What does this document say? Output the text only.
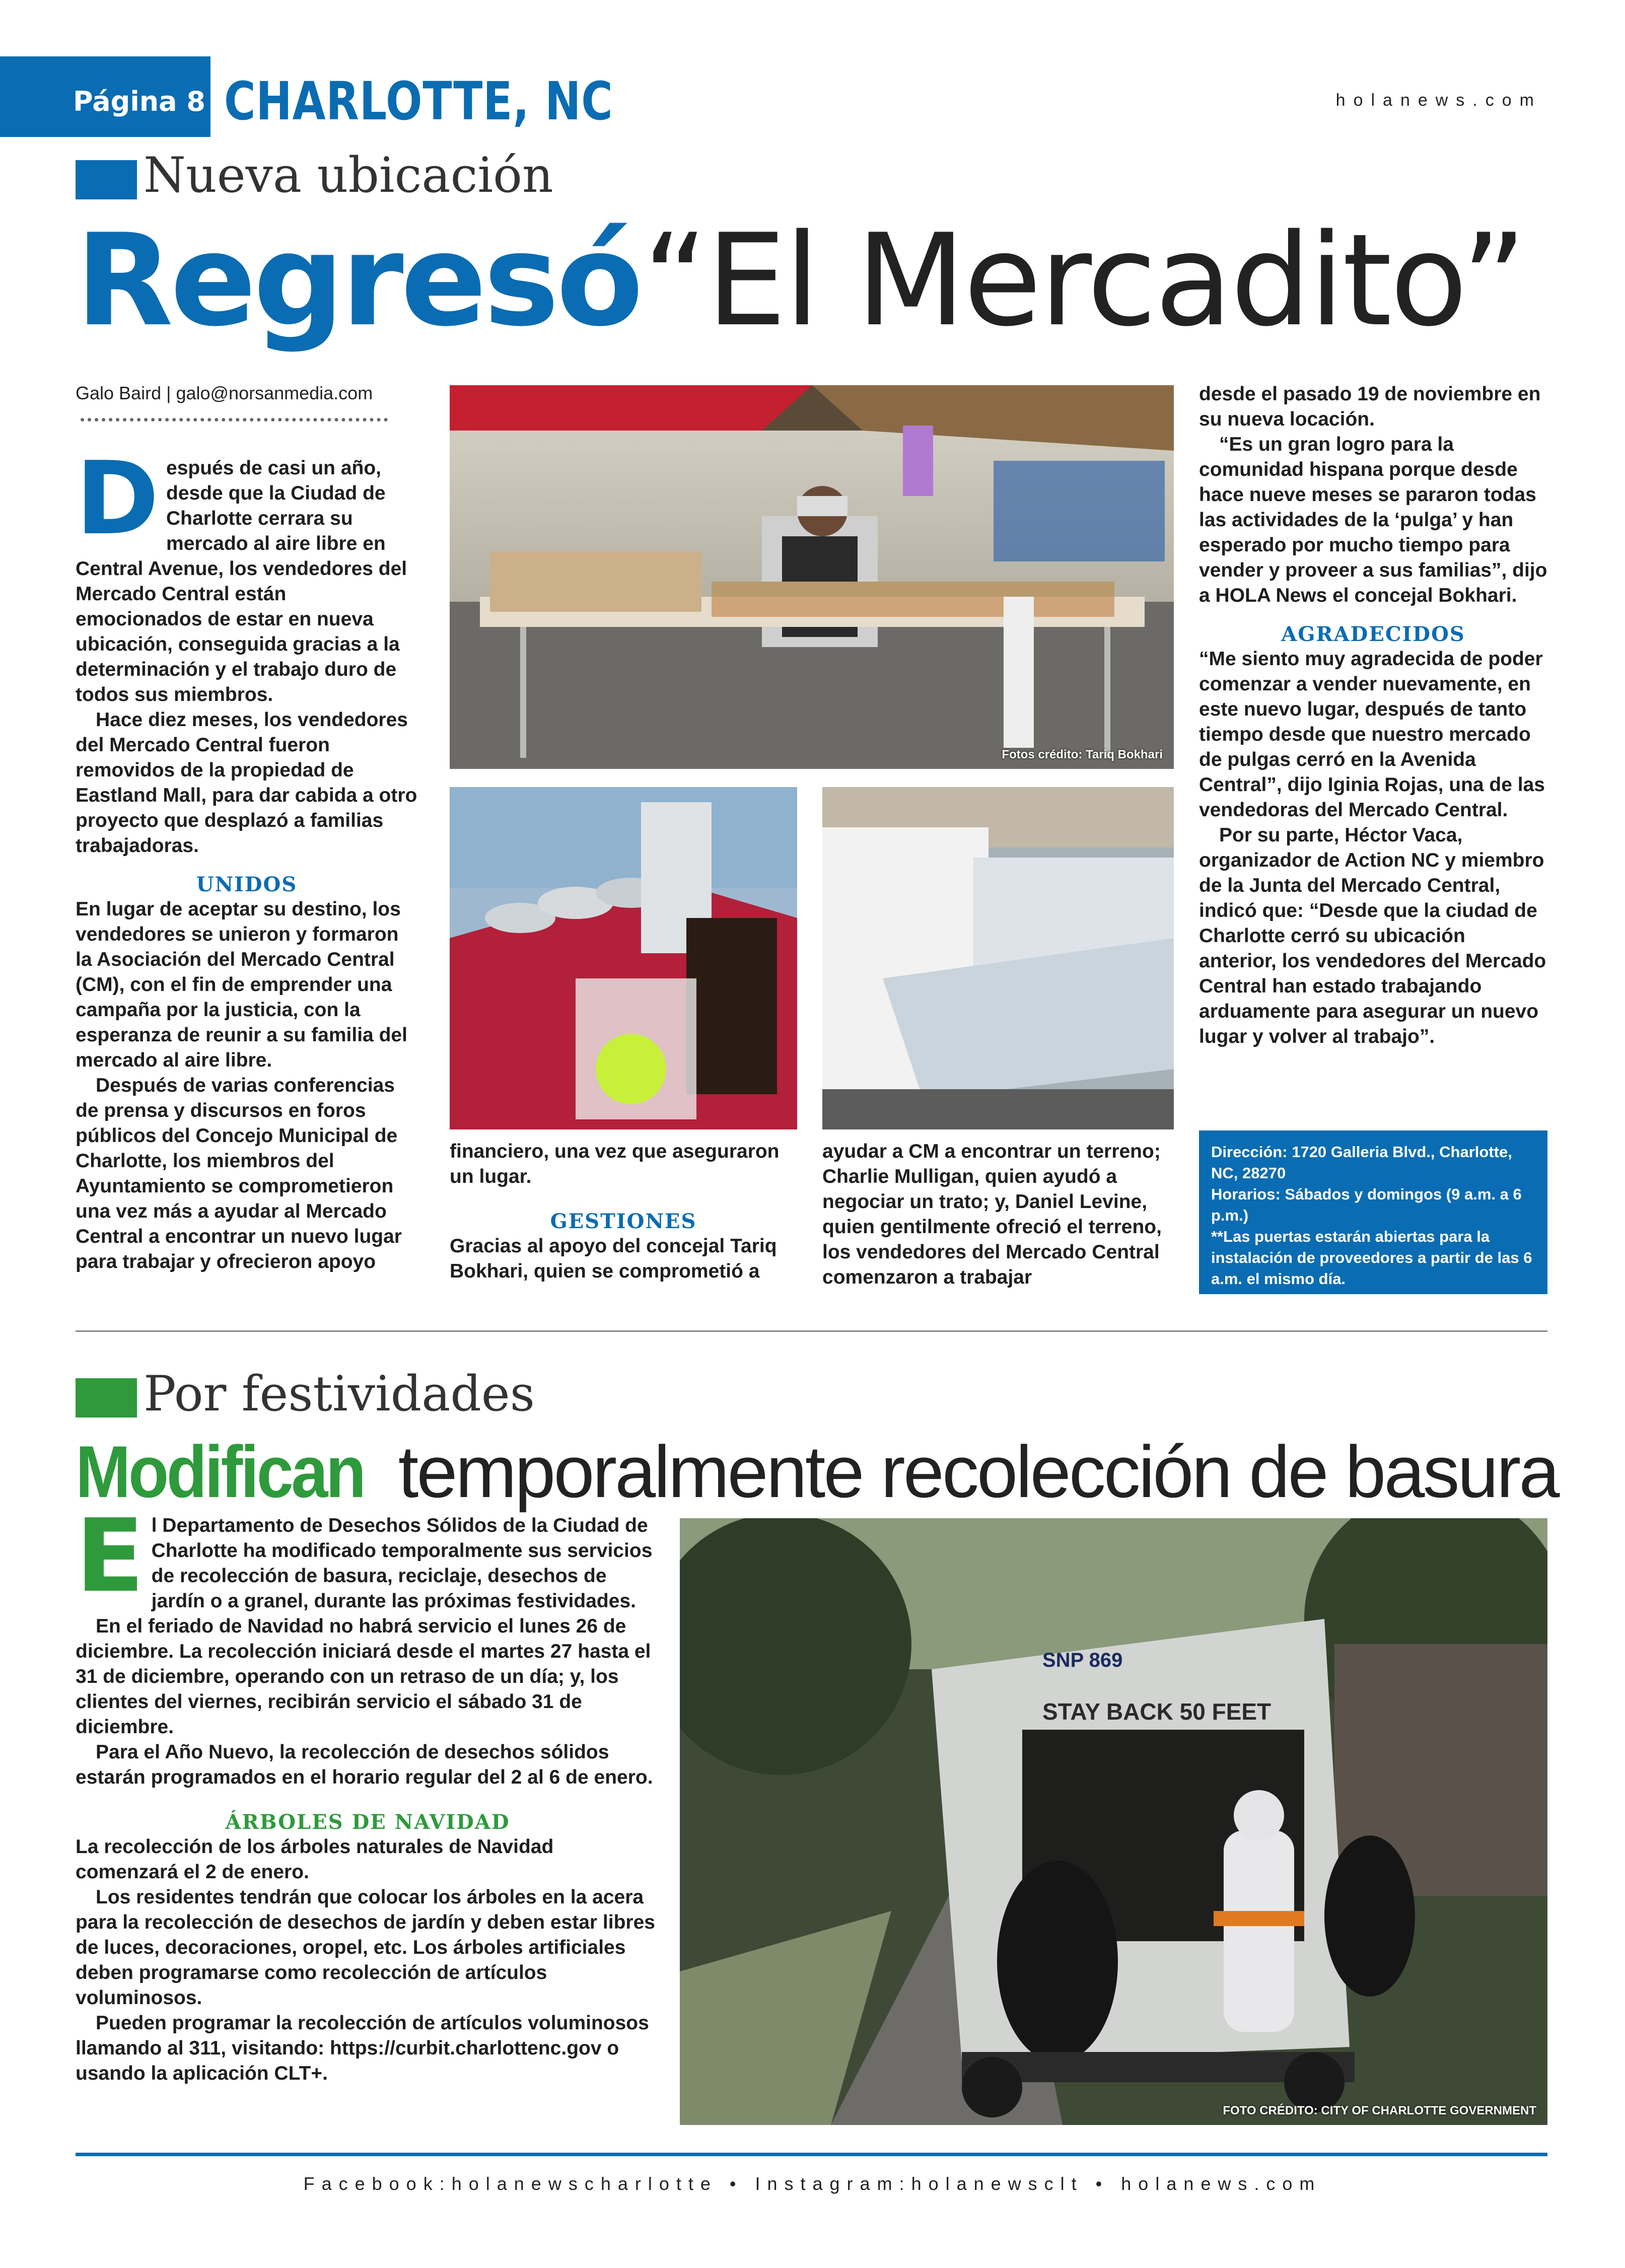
Página 8 CHARLOTTE, NC	holanews.com
Nueva ubicación
Regresó “El Mercadito”
Galo Baird | galo@norsanmedia.com

Después de casi un año, desde que la Ciudad de Charlotte cerrara su mercado al aire libre en Central Avenue, los vendedores del Mercado Central están emocionados de estar en nueva ubicación, conseguida gracias a la determinación y el trabajo duro de todos sus miembros.

Hace diez meses, los vendedores del Mercado Central fueron removidos de la propiedad de Eastland Mall, para dar cabida a otro proyecto que desplazó a familias trabajadoras.

UNIDOS

En lugar de aceptar su destino, los vendedores se unieron y formaron la Asociación del Mercado Central (CM), con el fin de emprender una campaña por la justicia, con la esperanza de reunir a su familia del mercado al aire libre.

Después de varias conferencias de prensa y discursos en foros públicos del Concejo Municipal de Charlotte, los miembros del Ayuntamiento se comprometieron una vez más a ayudar al Mercado Central a encontrar un nuevo lugar para trabajar y ofrecieron apoyo

Fotos crédito: Tariq Bokhari

financiero, una vez que aseguraron un lugar.

GESTIONES

Gracias al apoyo del concejal Tariq Bokhari, quien se comprometió a

ayudar a CM a encontrar un terreno; Charlie Mulligan, quien ayudó a negociar un trato; y, Daniel Levine, quien gentilmente ofreció el terreno, los vendedores del Mercado Central comenzaron a trabajar

desde el pasado 19 de noviembre en su nueva locación.

“Es un gran logro para la comunidad hispana porque desde hace nueve meses se pararon todas las actividades de la ‘pulga’ y han esperado por mucho tiempo para vender y proveer a sus familias”, dijo a HOLA News el concejal Bokhari.

AGRADECIDOS

“Me siento muy agradecida de poder comenzar a vender nuevamente, en este nuevo lugar, después de tanto tiempo desde que nuestro mercado de pulgas cerró en la Avenida Central”, dijo Iginia Rojas, una de las vendedoras del Mercado Central.

Por su parte, Héctor Vaca, organizador de Action NC y miembro de la Junta del Mercado Central, indicó que: “Desde que la ciudad de Charlotte cerró su ubicación anterior, los vendedores del Mercado Central han estado trabajando arduamente para asegurar un nuevo lugar y volver al trabajo”.

Dirección: 1720 Galleria Blvd., Charlotte, NC, 28270
Horarios: Sábados y domingos (9 a.m. a 6 p.m.)
**Las puertas estarán abiertas para la instalación de proveedores a partir de las 6 a.m. el mismo día.
Por festividades
Modifican temporalmente recolección de basura

El Departamento de Desechos Sólidos de la Ciudad de Charlotte ha modificado temporalmente sus servicios de recolección de basura, reciclaje, desechos de jardín o a granel, durante las próximas festividades.

En el feriado de Navidad no habrá servicio el lunes 26 de diciembre. La recolección iniciará desde el martes 27 hasta el 31 de diciembre, operando con un retraso de un día; y, los clientes del viernes, recibirán servicio el sábado 31 de diciembre.

Para el Año Nuevo, la recolección de desechos sólidos estarán programados en el horario regular del 2 al 6 de enero.

ÁRBOLES DE NAVIDAD

La recolección de los árboles naturales de Navidad comenzará el 2 de enero.

Los residentes tendrán que colocar los árboles en la acera para la recolección de desechos de jardín y deben estar libres de luces, decoraciones, oropel, etc. Los árboles artificiales deben programarse como recolección de artículos voluminosos.

Pueden programar la recolección de artículos voluminosos llamando al 311, visitando: https://curbit.charlottenc.gov o usando la aplicación CLT+.

STAY BACK 50 FEET
SNP 869
FOTO CRÉDITO: CITY OF CHARLOTTE GOVERNMENT
Facebook:holanewscharlotte • Instagram:holanewsclt • holanews.com
